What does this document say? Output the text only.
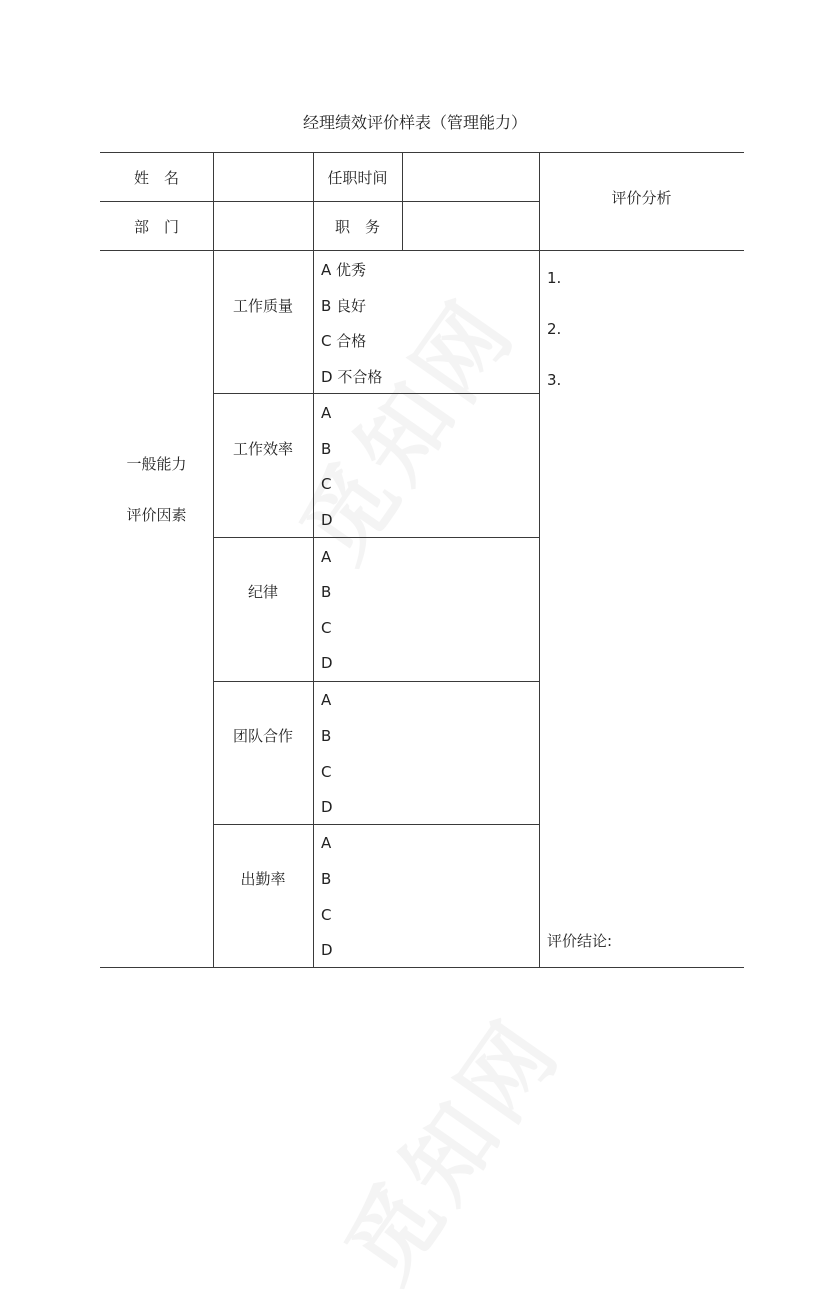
经理绩效评价样表（管理能力）
姓　名	任职时间
部　门	职　务
评价分析
一般能力
评价因素
工作质量
A 优秀
B 良好
C 合格
D 不合格
工作效率
A
B
C
D
纪律
A
B
C
D
团队合作
A
B
C
D
出勤率
A
B
C
D
1.
2.
3.
评价结论:
